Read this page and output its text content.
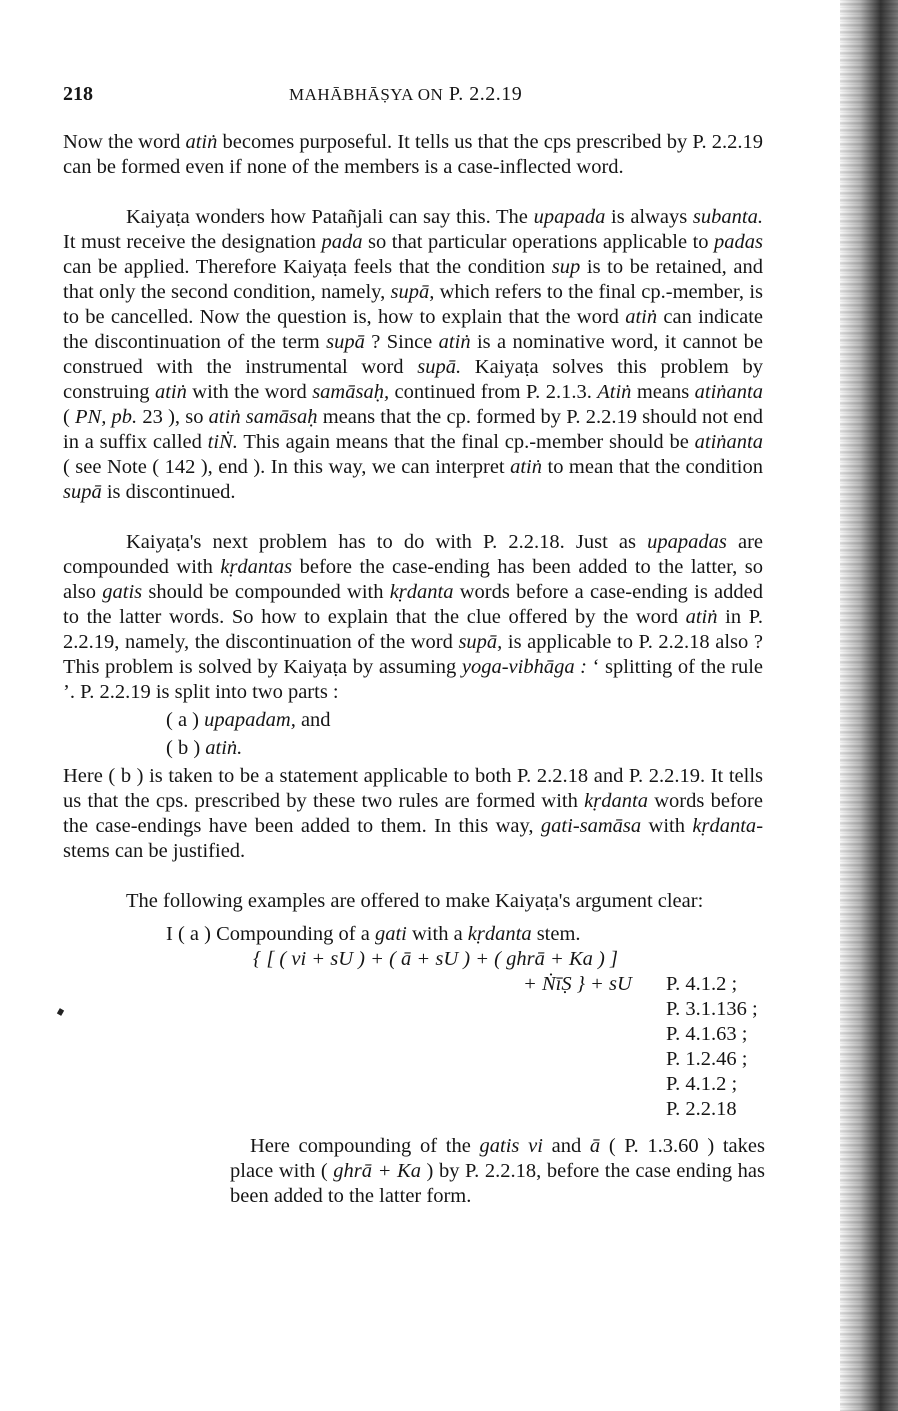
218	MAHĀBHĀṢYA ON P. 2.2.19

Now the word atiṅ becomes purposeful. It tells us that the cps prescribed by P. 2.2.19 can be formed even if none of the members is a case-inflected word.

Kaiyaṭa wonders how Patañjali can say this. The upapada is always subanta. It must receive the designation pada so that particular operations applicable to padas can be applied. Therefore Kaiyaṭa feels that the condition sup is to be retained, and that only the second condition, namely, supā, which refers to the final cp.-member, is to be cancelled. Now the question is, how to explain that the word atiṅ can indicate the discontinuation of the term supā ? Since atiṅ is a nominative word, it cannot be construed with the instrumental word supā. Kaiyaṭa solves this problem by construing atiṅ with the word samāsaḥ, continued from P. 2.1.3. Atiṅ means atiṅanta ( PN, pb. 23 ), so atiṅ samāsaḥ means that the cp. formed by P. 2.2.19 should not end in a suffix called tiṄ. This again means that the final cp.-member should be atiṅanta ( see Note ( 142 ), end ). In this way, we can interpret atiṅ to mean that the condition supā is discontinued.

Kaiyaṭa's next problem has to do with P. 2.2.18. Just as upapadas are compounded with kṛdantas before the case-ending has been added to the latter, so also gatis should be compounded with kṛdanta words before a case-ending is added to the latter words. So how to explain that the clue offered by the word atiṅ in P. 2.2.19, namely, the discontinuation of the word supā, is applicable to P. 2.2.18 also ? This problem is solved by Kaiyaṭa by assuming yoga-vibhāga : ‘ splitting of the rule ’. P. 2.2.19 is split into two parts :

( a ) upapadam, and

( b ) atiṅ.

Here ( b ) is taken to be a statement applicable to both P. 2.2.18 and P. 2.2.19. It tells us that the cps. prescribed by these two rules are formed with kṛdanta words before the case-endings have been added to them. In this way, gati-samāsa with kṛdanta-stems can be justified.

The following examples are offered to make Kaiyaṭa's argument clear:

I ( a ) Compounding of a gati with a kṛdanta stem.

{ [ ( vi + sU ) + ( ā + sU ) + ( ghrā + Ka ) ]

+ ṄīṢ } + sU	P. 4.1.2 ;
P. 3.1.136 ;
P. 4.1.63 ;
P. 1.2.46 ;
P. 4.1.2 ;
P. 2.2.18

Here compounding of the gatis vi and ā ( P. 1.3.60 ) takes place with ( ghrā + Ka ) by P. 2.2.18, before the case ending has been added to the latter form.
